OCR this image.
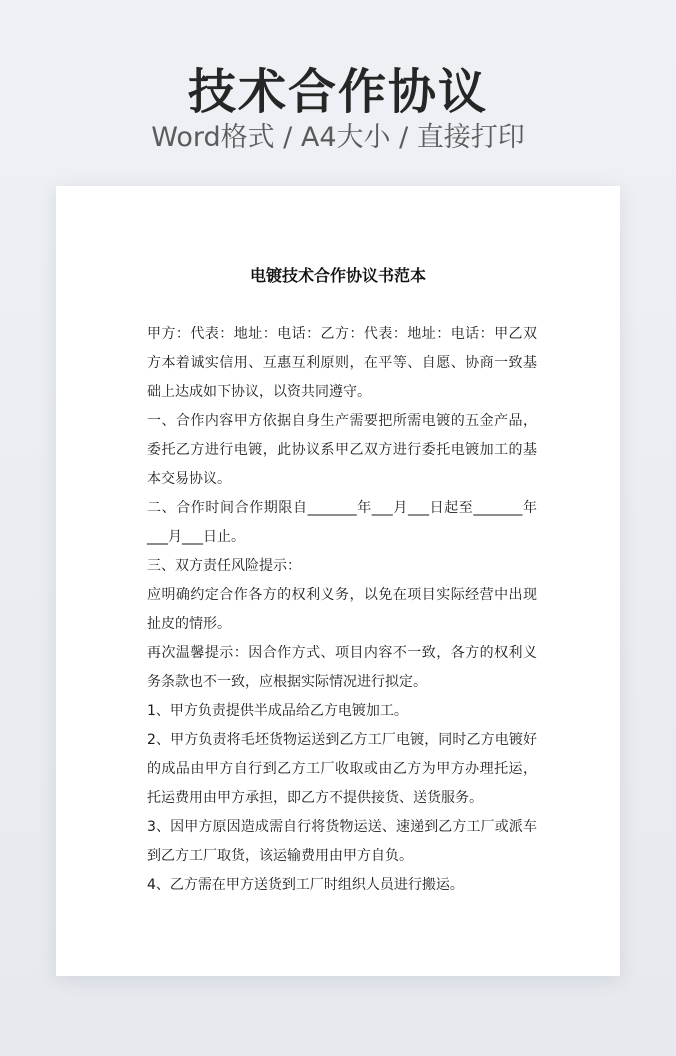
技术合作协议
Word格式 / A4大小 / 直接打印
电镀技术合作协议书范本

甲方：代表：地址：电话：乙方：代表：地址：电话：甲乙双方本着诚实信用、互惠互利原则，在平等、自愿、协商一致基础上达成如下协议，以资共同遵守。

一、合作内容甲方依据自身生产需要把所需电镀的五金产品，委托乙方进行电镀，此协议系甲乙双方进行委托电镀加工的基本交易协议。

二、合作时间合作期限自_______年___月___日起至_______年___月___日止。

三、双方责任风险提示：

应明确约定合作各方的权利义务，以免在项目实际经营中出现扯皮的情形。

再次温馨提示：因合作方式、项目内容不一致，各方的权利义务条款也不一致，应根据实际情况进行拟定。

1、甲方负责提供半成品给乙方电镀加工。

2、甲方负责将毛坯货物运送到乙方工厂电镀，同时乙方电镀好的成品由甲方自行到乙方工厂收取或由乙方为甲方办理托运，托运费用由甲方承担，即乙方不提供接货、送货服务。

3、因甲方原因造成需自行将货物运送、速递到乙方工厂或派车到乙方工厂取货，该运输费用由甲方自负。

4、乙方需在甲方送货到工厂时组织人员进行搬运。
